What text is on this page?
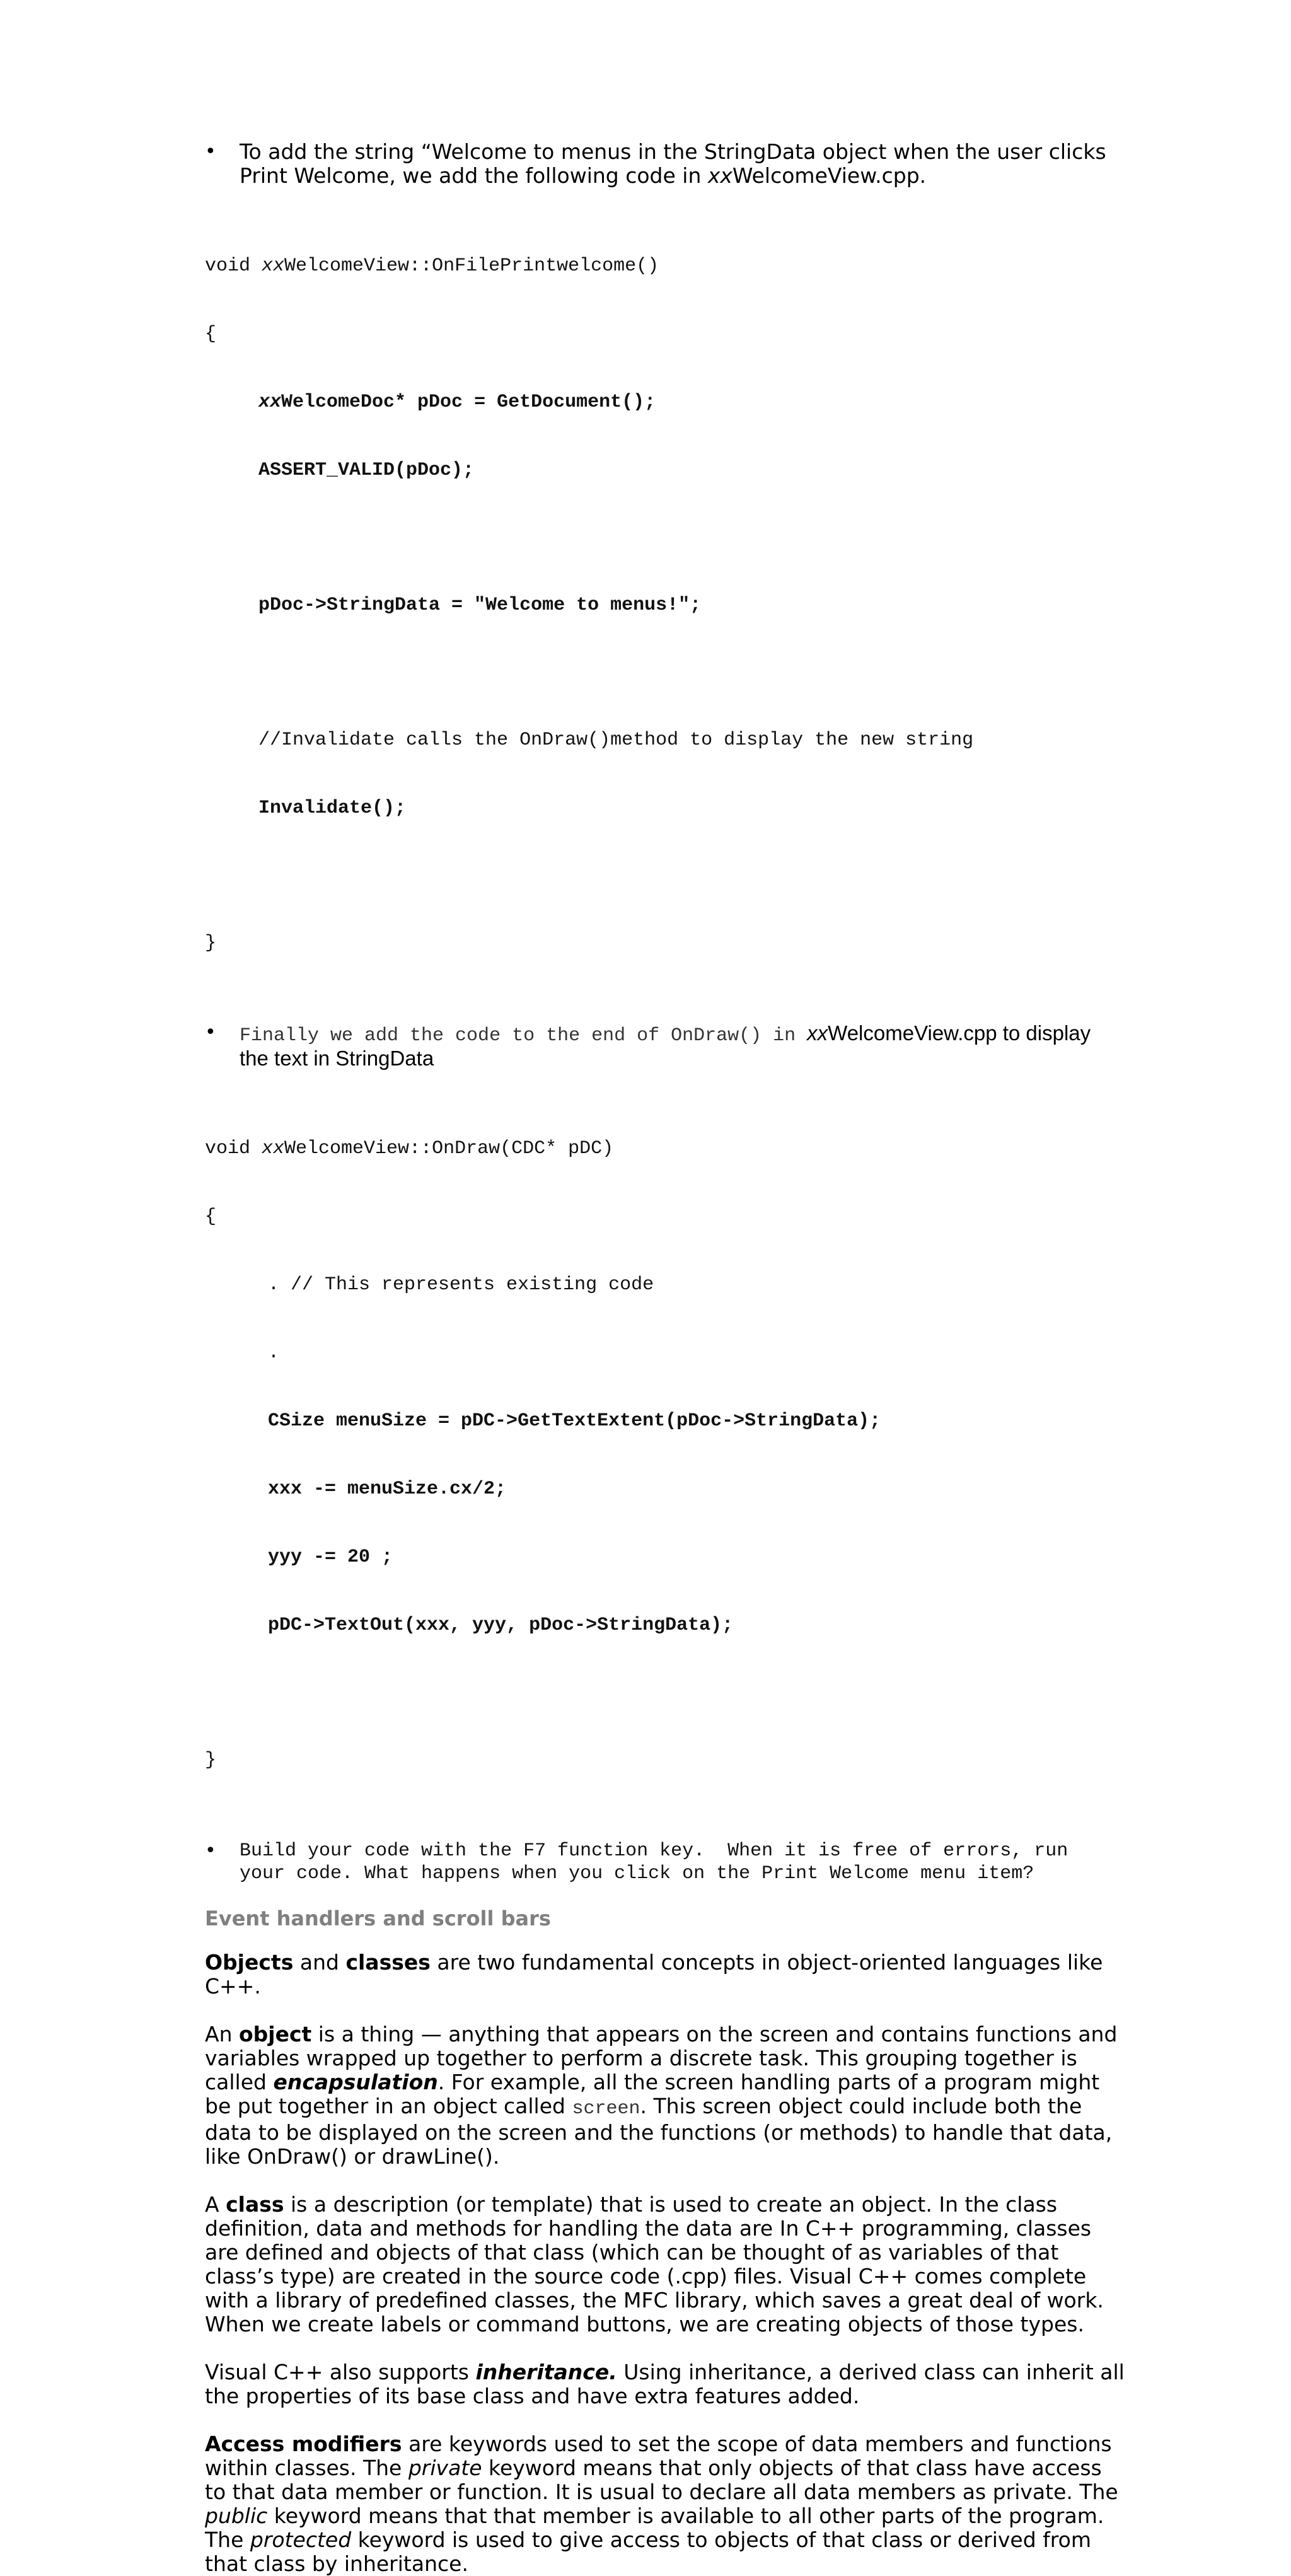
• To add the string “Welcome to menus in the StringData object when the user clicks Print Welcome, we add the following code in xxWelcomeView.cpp.

void xxWelcomeView::OnFilePrintwelcome()

{

xxWelcomeDoc* pDoc = GetDocument();

ASSERT_VALID(pDoc);

pDoc->StringData = "Welcome to menus!";

//Invalidate calls the OnDraw()method to display the new string

Invalidate();

}

• Finally we add the code to the end of OnDraw() in xxWelcomeView.cpp to display the text in StringData

void xxWelcomeView::OnDraw(CDC* pDC)

{

. // This represents existing code

.

CSize menuSize = pDC->GetTextExtent(pDoc->StringData);

xxx -= menuSize.cx/2;

yyy -= 20 ;

pDC->TextOut(xxx, yyy, pDoc->StringData);

}

• Build your code with the F7 function key.  When it is free of errors, run
your code. What happens when you click on the Print Welcome menu item?
Event handlers and scroll bars
Objects and classes are two fundamental concepts in object-oriented languages like C++.
An object is a thing — anything that appears on the screen and contains functions and variables wrapped up together to perform a discrete task. This grouping together is called encapsulation. For example, all the screen handling parts of a program might be put together in an object called screen. This screen object could include both the data to be displayed on the screen and the functions (or methods) to handle that data, like OnDraw() or drawLine().
A class is a description (or template) that is used to create an object. In the class definition, data and methods for handling the data are In C++ programming, classes are defined and objects of that class (which can be thought of as variables of that class’s type) are created in the source code (.cpp) files. Visual C++ comes complete with a library of predefined classes, the MFC library, which saves a great deal of work. When we create labels or command buttons, we are creating objects of those types.
Visual C++ also supports inheritance. Using inheritance, a derived class can inherit all the properties of its base class and have extra features added.
Access modifiers are keywords used to set the scope of data members and functions within classes. The private keyword means that only objects of that class have access to that data member or function. It is usual to declare all data members as private. The public keyword means that that member is available to all other parts of the program. The protected keyword is used to give access to objects of that class or derived from that class by inheritance.
